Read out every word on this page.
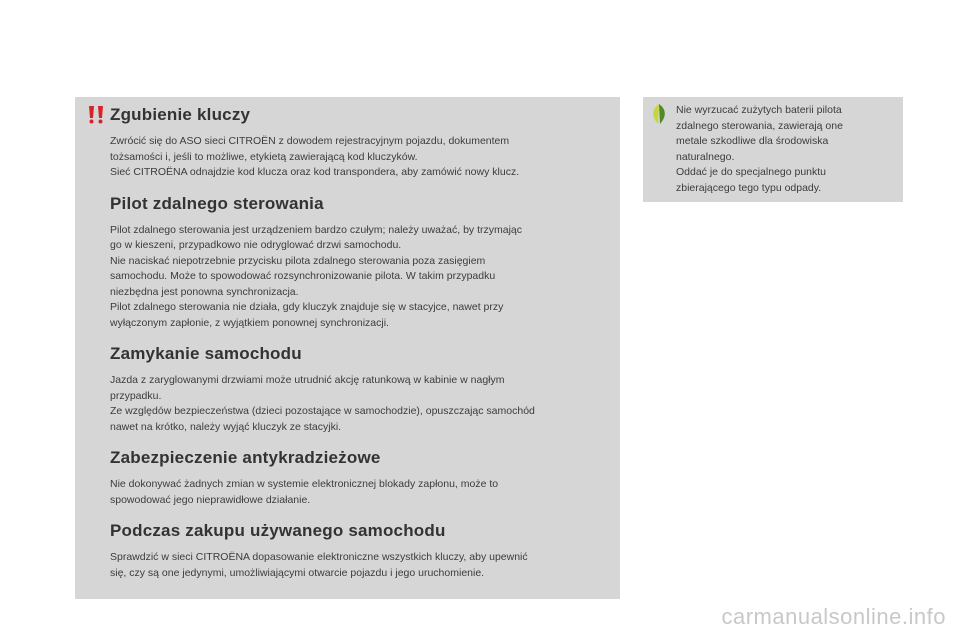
Zgubienie kluczy

Zwrócić się do ASO sieci CITROËN z dowodem rejestracyjnym pojazdu, dokumentem
tożsamości i, jeśli to możliwe, etykietą zawierającą kod kluczyków.
Sieć CITROËNA odnajdzie kod klucza oraz kod transpondera, aby zamówić nowy klucz.

Pilot zdalnego sterowania

Pilot zdalnego sterowania jest urządzeniem bardzo czułym; należy uważać, by trzymając
go w kieszeni, przypadkowo nie odryglować drzwi samochodu.
Nie naciskać niepotrzebnie przycisku pilota zdalnego sterowania poza zasięgiem
samochodu. Może to spowodować rozsynchronizowanie pilota. W takim przypadku
niezbędna jest ponowna synchronizacja.
Pilot zdalnego sterowania nie działa, gdy kluczyk znajduje się w stacyjce, nawet przy
wyłączonym zapłonie, z wyjątkiem ponownej synchronizacji.

Zamykanie samochodu

Jazda z zaryglowanymi drzwiami może utrudnić akcję ratunkową w kabinie w nagłym
przypadku.
Ze względów bezpieczeństwa (dzieci pozostające w samochodzie), opuszczając samochód
nawet na krótko, należy wyjąć kluczyk ze stacyjki.

Zabezpieczenie antykradzieżowe

Nie dokonywać żadnych zmian w systemie elektronicznej blokady zapłonu, może to
spowodować jego nieprawidłowe działanie.

Podczas zakupu używanego samochodu

Sprawdzić w sieci CITROËNA dopasowanie elektroniczne wszystkich kluczy, aby upewnić
się, czy są one jedynymi, umożliwiającymi otwarcie pojazdu i jego uruchomienie.

Nie wyrzucać zużytych baterii pilota
zdalnego sterowania, zawierają one
metale szkodliwe dla środowiska
naturalnego.
Oddać je do specjalnego punktu
zbierającego tego typu odpady.
carmanualsonline.info
